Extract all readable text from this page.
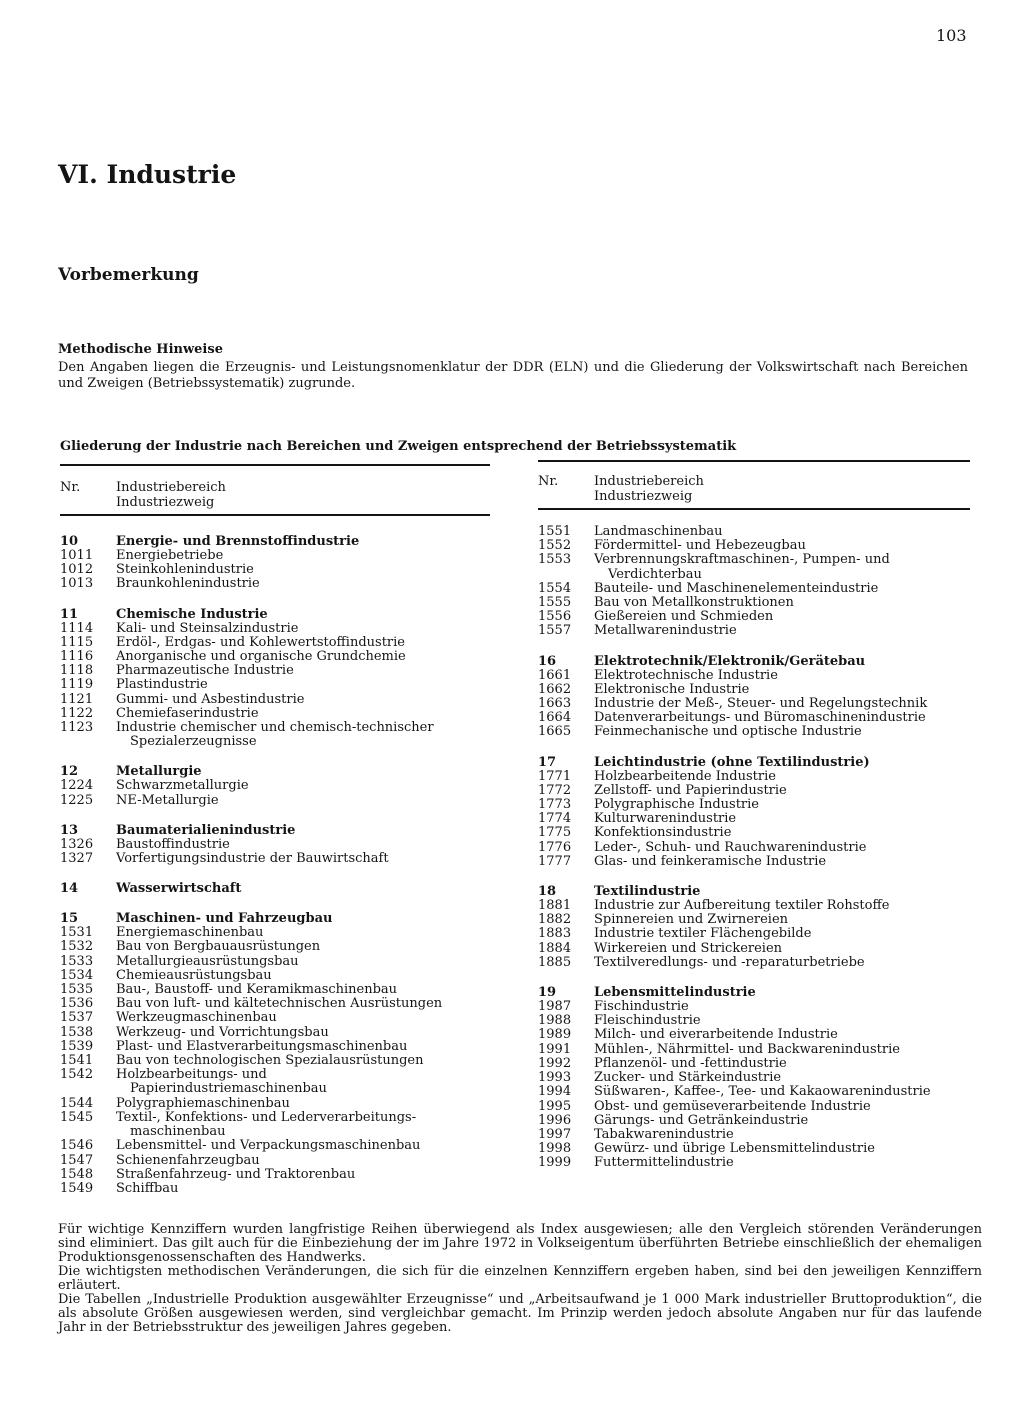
103
VI. Industrie
Vorbemerkung
Methodische Hinweise

Den Angaben liegen die Erzeugnis- und Leistungsnomenklatur der DDR (ELN) und die Gliederung der Volkswirtschaft nach Bereichen und Zweigen (Betriebssystematik) zugrunde.

Gliederung der Industrie nach Bereichen und Zweigen entsprechend der Betriebssystematik
Nr.	Industriebereich
Industriezweig
10	Energie- und Brennstoffindustrie
1011	Energiebetriebe
1012	Steinkohlenindustrie
1013	Braunkohlenindustrie
11	Chemische Industrie
1114	Kali- und Steinsalzindustrie
1115	Erdöl-, Erdgas- und Kohlewertstoffindustrie
1116	Anorganische und organische Grundchemie
1118	Pharmazeutische Industrie
1119	Plastindustrie
1121	Gummi- und Asbestindustrie
1122	Chemiefaserindustrie
1123	Industrie chemischer und chemisch-technischer
Spezialerzeugnisse
12	Metallurgie
1224	Schwarzmetallurgie
1225	NE-Metallurgie
13	Baumaterialienindustrie
1326	Baustoffindustrie
1327	Vorfertigungsindustrie der Bauwirtschaft
14	Wasserwirtschaft
15	Maschinen- und Fahrzeugbau
1531	Energiemaschinenbau
1532	Bau von Bergbauausrüstungen
1533	Metallurgieausrüstungsbau
1534	Chemieausrüstungsbau
1535	Bau-, Baustoff- und Keramikmaschinenbau
1536	Bau von luft- und kältetechnischen Ausrüstungen
1537	Werkzeugmaschinenbau
1538	Werkzeug- und Vorrichtungsbau
1539	Plast- und Elastverarbeitungsmaschinenbau
1541	Bau von technologischen Spezialausrüstungen
1542	Holzbearbeitungs- und
Papierindustriemaschinenbau
1544	Polygraphiemaschinenbau
1545	Textil-, Konfektions- und Lederverarbeitungs-
maschinenbau
1546	Lebensmittel- und Verpackungsmaschinenbau
1547	Schienenfahrzeugbau
1548	Straßenfahrzeug- und Traktorenbau
1549	Schiffbau
Nr.	Industriebereich
Industriezweig
1551	Landmaschinenbau
1552	Fördermittel- und Hebezeugbau
1553	Verbrennungskraftmaschinen-, Pumpen- und
Verdichterbau
1554	Bauteile- und Maschinenelementeindustrie
1555	Bau von Metallkonstruktionen
1556	Gießereien und Schmieden
1557	Metallwarenindustrie
16	Elektrotechnik/Elektronik/Gerätebau
1661	Elektrotechnische Industrie
1662	Elektronische Industrie
1663	Industrie der Meß-, Steuer- und Regelungstechnik
1664	Datenverarbeitungs- und Büromaschinenindustrie
1665	Feinmechanische und optische Industrie
17	Leichtindustrie (ohne Textilindustrie)
1771	Holzbearbeitende Industrie
1772	Zellstoff- und Papierindustrie
1773	Polygraphische Industrie
1774	Kulturwarenindustrie
1775	Konfektionsindustrie
1776	Leder-, Schuh- und Rauchwarenindustrie
1777	Glas- und feinkeramische Industrie
18	Textilindustrie
1881	Industrie zur Aufbereitung textiler Rohstoffe
1882	Spinnereien und Zwirnereien
1883	Industrie textiler Flächengebilde
1884	Wirkereien und Strickereien
1885	Textilveredlungs- und -reparaturbetriebe
19	Lebensmittelindustrie
1987	Fischindustrie
1988	Fleischindustrie
1989	Milch- und eiverarbeitende Industrie
1991	Mühlen-, Nährmittel- und Backwarenindustrie
1992	Pflanzenöl- und -fettindustrie
1993	Zucker- und Stärkeindustrie
1994	Süßwaren-, Kaffee-, Tee- und Kakaowarenindustrie
1995	Obst- und gemüseverarbeitende Industrie
1996	Gärungs- und Getränkeindustrie
1997	Tabakwarenindustrie
1998	Gewürz- und übrige Lebensmittelindustrie
1999	Futtermittelindustrie
Für wichtige Kennziffern wurden langfristige Reihen überwiegend als Index ausgewiesen; alle den Vergleich störenden Veränderungen sind eliminiert. Das gilt auch für die Einbeziehung der im Jahre 1972 in Volkseigentum überführten Betriebe einschließlich der ehemaligen Produktionsgenossenschaften des Handwerks.
Die wichtigsten methodischen Veränderungen, die sich für die einzelnen Kennziffern ergeben haben, sind bei den jeweiligen Kennziffern erläutert.
Die Tabellen „Industrielle Produktion ausgewählter Erzeugnisse“ und „Arbeitsaufwand je 1 000 Mark industrieller Bruttoproduktion“, die als absolute Größen ausgewiesen werden, sind vergleichbar gemacht. Im Prinzip werden jedoch absolute Angaben nur für das laufende Jahr in der Betriebsstruktur des jeweiligen Jahres gegeben.
